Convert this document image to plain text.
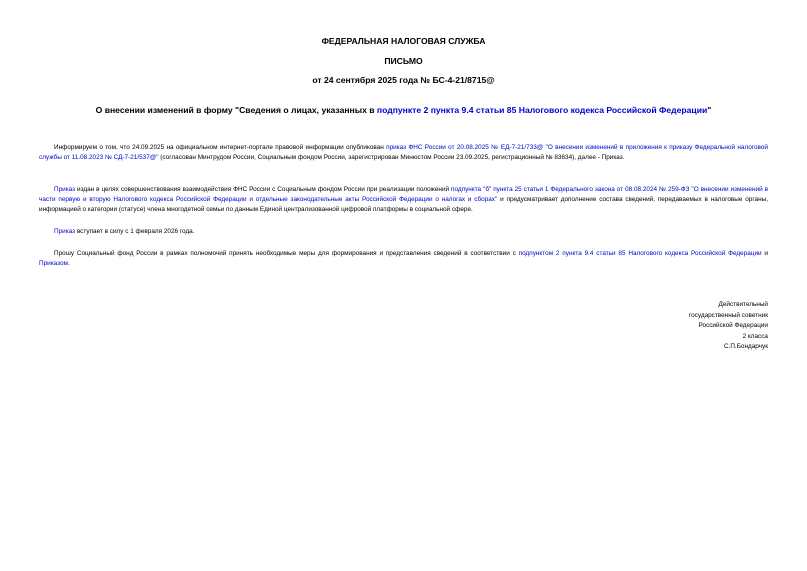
ФЕДЕРАЛЬНАЯ НАЛОГОВАЯ СЛУЖБА
ПИСЬМО
от 24 сентября 2025 года № БС-4-21/8715@
О внесении изменений в форму "Сведения о лицах, указанных в подпункте 2 пункта 9.4 статьи 85 Налогового кодекса Российской Федерации"
Информируем о том, что 24.09.2025 на официальном интернет-портале правовой информации опубликован приказ ФНС России от 20.08.2025 № ЕД-7-21/733@ "О внесении изменений в приложения к приказу Федеральной налоговой службы от 11.08.2023 № СД-7-21/537@" (согласован Минтрудом России, Социальным фондом России, зарегистрирован Минюстом России 23.09.2025, регистрационный № 83634), далее - Приказ.
Приказ издан в целях совершенствования взаимодействия ФНС России с Социальным фондом России при реализации положений подпункта "б" пункта 25 статьи 1 Федерального закона от 08.08.2024 № 259-ФЗ "О внесении изменений в части первую и вторую Налогового кодекса Российской Федерации и отдельные законодательные акты Российской Федерации о налогах и сборах" и предусматривает дополнение состава сведений, передаваемых в налоговые органы, информацией о категории (статусе) члена многодетной семьи по данным Единой централизованной цифровой платформы в социальной сфере.
Приказ вступает в силу с 1 февраля 2026 года.
Прошу Социальный фонд России в рамках полномочий принять необходимые меры для формирования и представления сведений в соответствии с подпунктом 2 пункта 9.4 статьи 85 Налогового кодекса Российской Федерации и Приказом.
Действительный
государственный советник
Российской Федерации
2 класса
С.П.Бондарчук
